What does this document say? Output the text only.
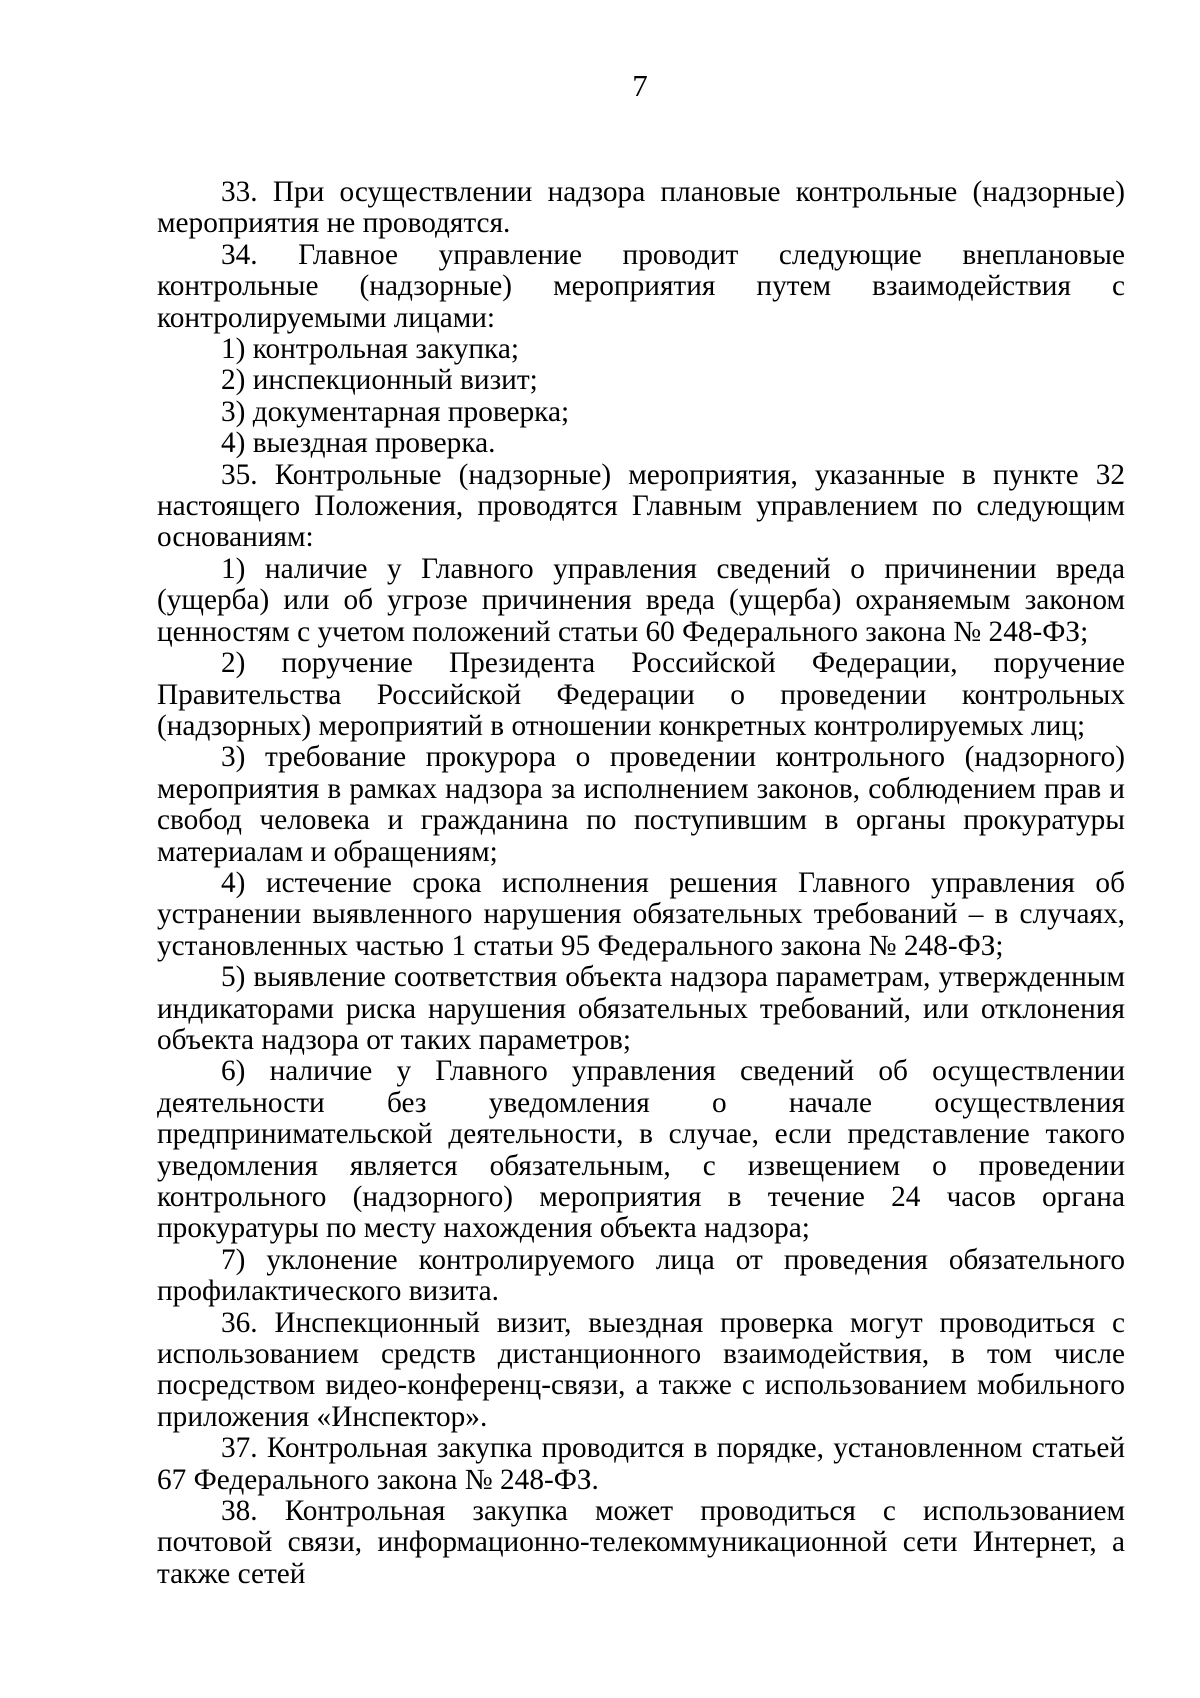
7

33. При осуществлении надзора плановые контрольные (надзорные) мероприятия не проводятся.

34. Главное управление проводит следующие внеплановые контрольные (надзорные) мероприятия путем взаимодействия с контролируемыми лицами:

1) контрольная закупка;

2) инспекционный визит;

3) документарная проверка;

4) выездная проверка.

35. Контрольные (надзорные) мероприятия, указанные в пункте 32 настоящего Положения, проводятся Главным управлением по следующим основаниям:

1) наличие у Главного управления сведений о причинении вреда (ущерба) или об угрозе причинения вреда (ущерба) охраняемым законом ценностям с учетом положений статьи 60 Федерального закона № 248-ФЗ;

2) поручение Президента Российской Федерации, поручение Правительства Российской Федерации о проведении контрольных (надзорных) мероприятий в отношении конкретных контролируемых лиц;

3) требование прокурора о проведении контрольного (надзорного) мероприятия в рамках надзора за исполнением законов, соблюдением прав и свобод человека и гражданина по поступившим в органы прокуратуры материалам и обращениям;

4) истечение срока исполнения решения Главного управления об устранении выявленного нарушения обязательных требований – в случаях, установленных частью 1 статьи 95 Федерального закона № 248-ФЗ;

5) выявление соответствия объекта надзора параметрам, утвержденным индикаторами риска нарушения обязательных требований, или отклонения объекта надзора от таких параметров;

6) наличие у Главного управления сведений об осуществлении деятельности без уведомления о начале осуществления предпринимательской деятельности, в случае, если представление такого уведомления является обязательным, с извещением о проведении контрольного (надзорного) мероприятия в течение 24 часов органа прокуратуры по месту нахождения объекта надзора;

7) уклонение контролируемого лица от проведения обязательного профилактического визита.

36. Инспекционный визит, выездная проверка могут проводиться с использованием средств дистанционного взаимодействия, в том числе посредством видео-конференц-связи, а также с использованием мобильного приложения «Инспектор».

37. Контрольная закупка проводится в порядке, установленном статьей 67 Федерального закона № 248-ФЗ.

38. Контрольная закупка может проводиться с использованием почтовой связи, информационно-телекоммуникационной сети Интернет, а также сетей
